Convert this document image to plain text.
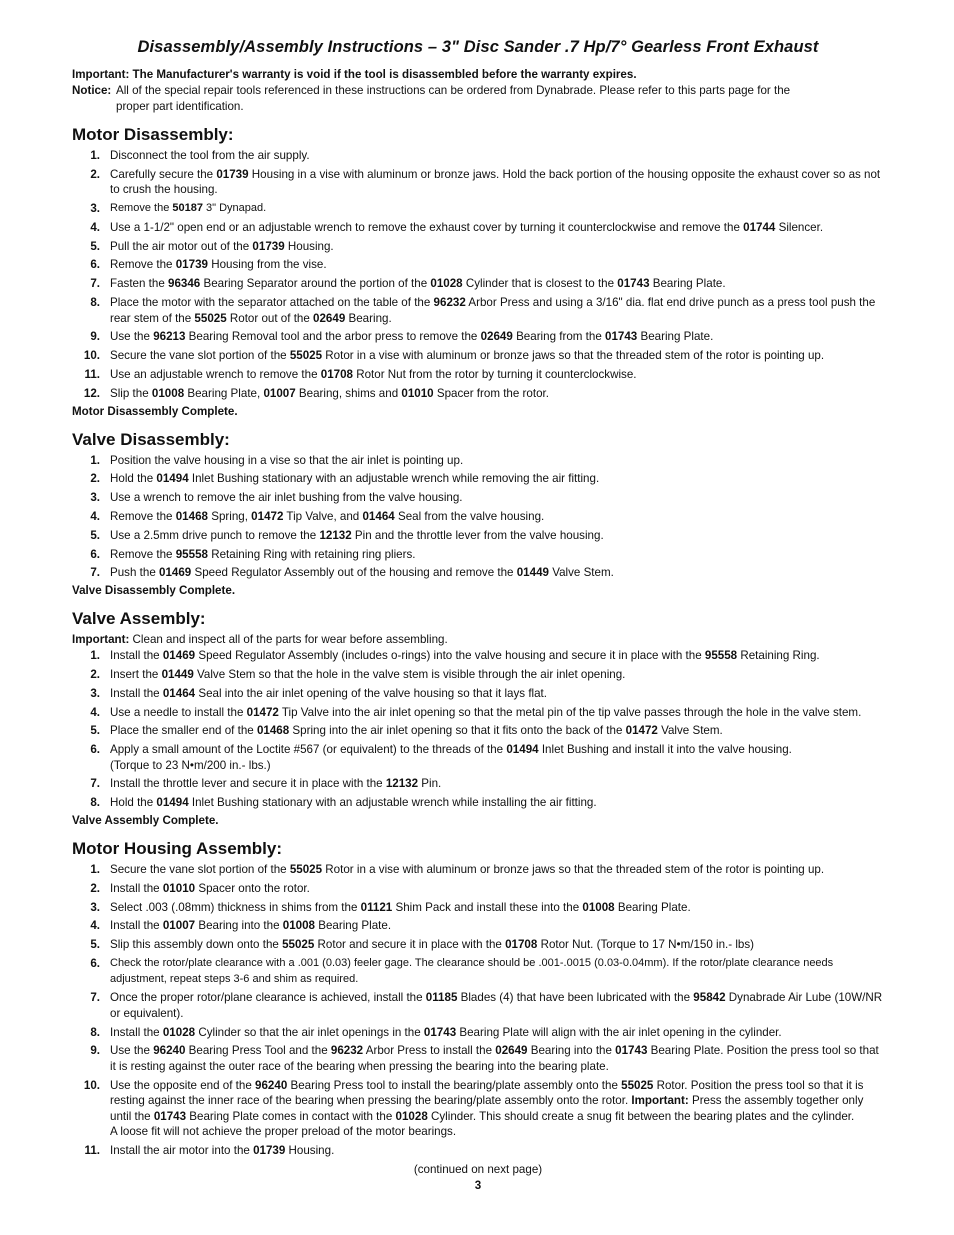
Disassembly/Assembly Instructions – 3" Disc Sander .7 Hp/7° Gearless Front Exhaust
Important: The Manufacturer's warranty is void if the tool is disassembled before the warranty expires.
Notice: All of the special repair tools referenced in these instructions can be ordered from Dynabrade. Please refer to this parts page for the
proper part identification.
Motor Disassembly:
1. Disconnect the tool from the air supply.
2. Carefully secure the 01739 Housing in a vise with aluminum or bronze jaws. Hold the back portion of the housing opposite the exhaust cover so as not to crush the housing.
3. Remove the 50187 3" Dynapad.
4. Use a 1-1/2" open end or an adjustable wrench to remove the exhaust cover by turning it counterclockwise and remove the 01744 Silencer.
5. Pull the air motor out of the 01739 Housing.
6. Remove the 01739 Housing from the vise.
7. Fasten the 96346 Bearing Separator around the portion of the 01028 Cylinder that is closest to the 01743 Bearing Plate.
8. Place the motor with the separator attached on the table of the 96232 Arbor Press and using a 3/16" dia. flat end drive punch as a press tool push the rear stem of the 55025 Rotor out of the 02649 Bearing.
9. Use the 96213 Bearing Removal tool and the arbor press to remove the 02649 Bearing from the 01743 Bearing Plate.
10. Secure the vane slot portion of the 55025 Rotor in a vise with aluminum or bronze jaws so that the threaded stem of the rotor is pointing up.
11. Use an adjustable wrench to remove the 01708 Rotor Nut from the rotor by turning it counterclockwise.
12. Slip the 01008 Bearing Plate, 01007 Bearing, shims and 01010 Spacer from the rotor.
Motor Disassembly Complete.
Valve Disassembly:
1. Position the valve housing in a vise so that the air inlet is pointing up.
2. Hold the 01494 Inlet Bushing stationary with an adjustable wrench while removing the air fitting.
3. Use a wrench to remove the air inlet bushing from the valve housing.
4. Remove the 01468 Spring, 01472 Tip Valve, and 01464 Seal from the valve housing.
5. Use a 2.5mm drive punch to remove the 12132 Pin and the throttle lever from the valve housing.
6. Remove the 95558 Retaining Ring with retaining ring pliers.
7. Push the 01469 Speed Regulator Assembly out of the housing and remove the 01449 Valve Stem.
Valve Disassembly Complete.
Valve Assembly:
Important: Clean and inspect all of the parts for wear before assembling.
1. Install the 01469 Speed Regulator Assembly (includes o-rings) into the valve housing and secure it in place with the 95558 Retaining Ring.
2. Insert the 01449 Valve Stem so that the hole in the valve stem is visible through the air inlet opening.
3. Install the 01464 Seal into the air inlet opening of the valve housing so that it lays flat.
4. Use a needle to install the 01472 Tip Valve into the air inlet opening so that the metal pin of the tip valve passes through the hole in the valve stem.
5. Place the smaller end of the 01468 Spring into the air inlet opening so that it fits onto the back of the 01472 Valve Stem.
6. Apply a small amount of the Loctite #567 (or equivalent) to the threads of the 01494 Inlet Bushing and install it into the valve housing.
(Torque to 23 N•m/200 in.- lbs.)
7. Install the throttle lever and secure it in place with the 12132 Pin.
8. Hold the 01494 Inlet Bushing stationary with an adjustable wrench while installing the air fitting.
Valve Assembly Complete.
Motor Housing Assembly:
1. Secure the vane slot portion of the 55025 Rotor in a vise with aluminum or bronze jaws so that the threaded stem of the rotor is pointing up.
2. Install the 01010 Spacer onto the rotor.
3. Select .003 (.08mm) thickness in shims from the 01121 Shim Pack and install these into the 01008 Bearing Plate.
4. Install the 01007 Bearing into the 01008 Bearing Plate.
5. Slip this assembly down onto the 55025 Rotor and secure it in place with the 01708 Rotor Nut. (Torque to 17 N•m/150 in.- lbs)
6. Check the rotor/plate clearance with a .001 (0.03) feeler gage. The clearance should be .001-.0015 (0.03-0.04mm). If the rotor/plate clearance needs adjustment, repeat steps 3-6 and shim as required.
7. Once the proper rotor/plane clearance is achieved, install the 01185 Blades (4) that have been lubricated with the 95842 Dynabrade Air Lube (10W/NR or equivalent).
8. Install the 01028 Cylinder so that the air inlet openings in the 01743 Bearing Plate will align with the air inlet opening in the cylinder.
9. Use the 96240 Bearing Press Tool and the 96232 Arbor Press to install the 02649 Bearing into the 01743 Bearing Plate. Position the press tool so that it is resting against the outer race of the bearing when pressing the bearing into the bearing plate.
10. Use the opposite end of the 96240 Bearing Press tool to install the bearing/plate assembly onto the 55025 Rotor. Position the press tool so that it is resting against the inner race of the bearing when pressing the bearing/plate assembly onto the rotor. Important: Press the assembly together only until the 01743 Bearing Plate comes in contact with the 01028 Cylinder. This should create a snug fit between the bearing plates and the cylinder.
A loose fit will not achieve the proper preload of the motor bearings.
11. Install the air motor into the 01739 Housing.
(continued on next page)
3
